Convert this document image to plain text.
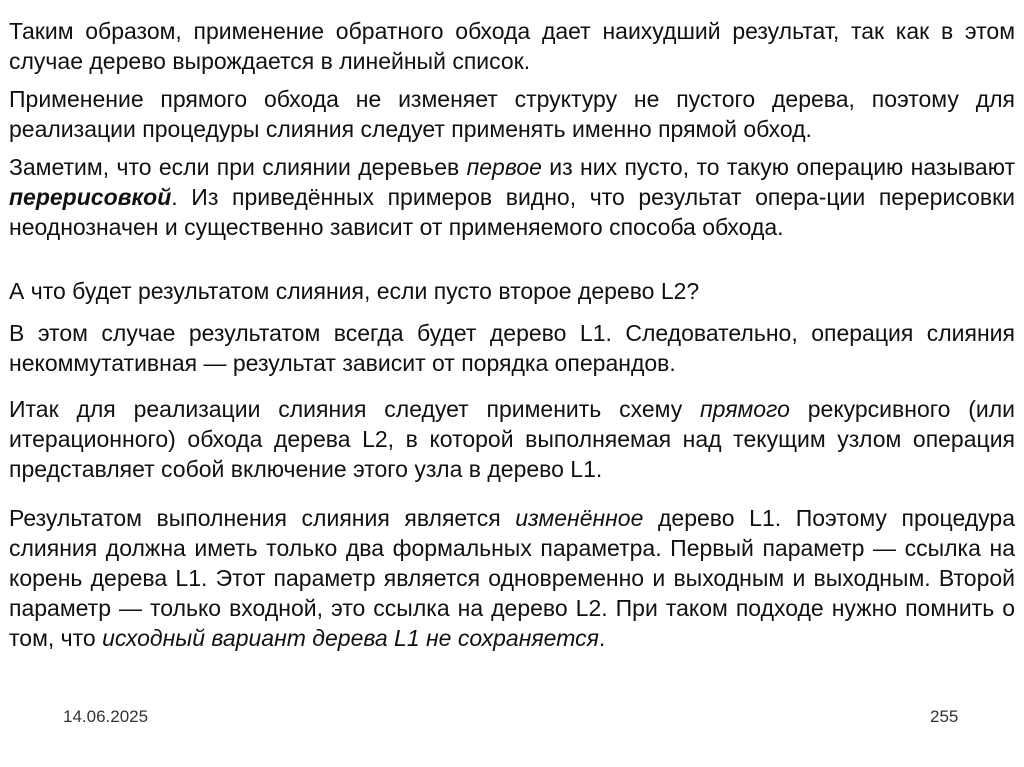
Таким образом, применение обратного обхода дает наихудший результат, так как в этом случае дерево вырождается в линейный список.

Применение прямого обхода не изменяет структуру не пустого дерева, поэтому для реализации процедуры слияния следует применять именно прямой обход.

Заметим, что если при слиянии деревьев первое из них пусто, то такую операцию называют перерисовкой. Из приведённых примеров видно, что результат опера-ции перерисовки неоднозначен и существенно зависит от применяемого способа обхода.

А что будет результатом слияния, если пусто второе дерево L2?

В этом случае результатом всегда будет дерево L1. Следовательно, операция слияния некоммутативная — результат зависит от порядка операндов.

Итак для реализации слияния следует применить схему прямого рекурсивного (или итерационного) обхода дерева L2, в которой выполняемая над текущим узлом операция представляет собой включение этого узла в дерево L1.

Результатом выполнения слияния является изменённое дерево L1. Поэтому процедура слияния должна иметь только два формальных параметра. Первый параметр — ссылка на корень дерева L1. Этот параметр является одновременно и выходным и выходным. Второй параметр — только входной, это ссылка на дерево L2. При таком подходе нужно помнить о том, что исходный вариант дерева L1 не сохраняется.

14.06.2025	255
